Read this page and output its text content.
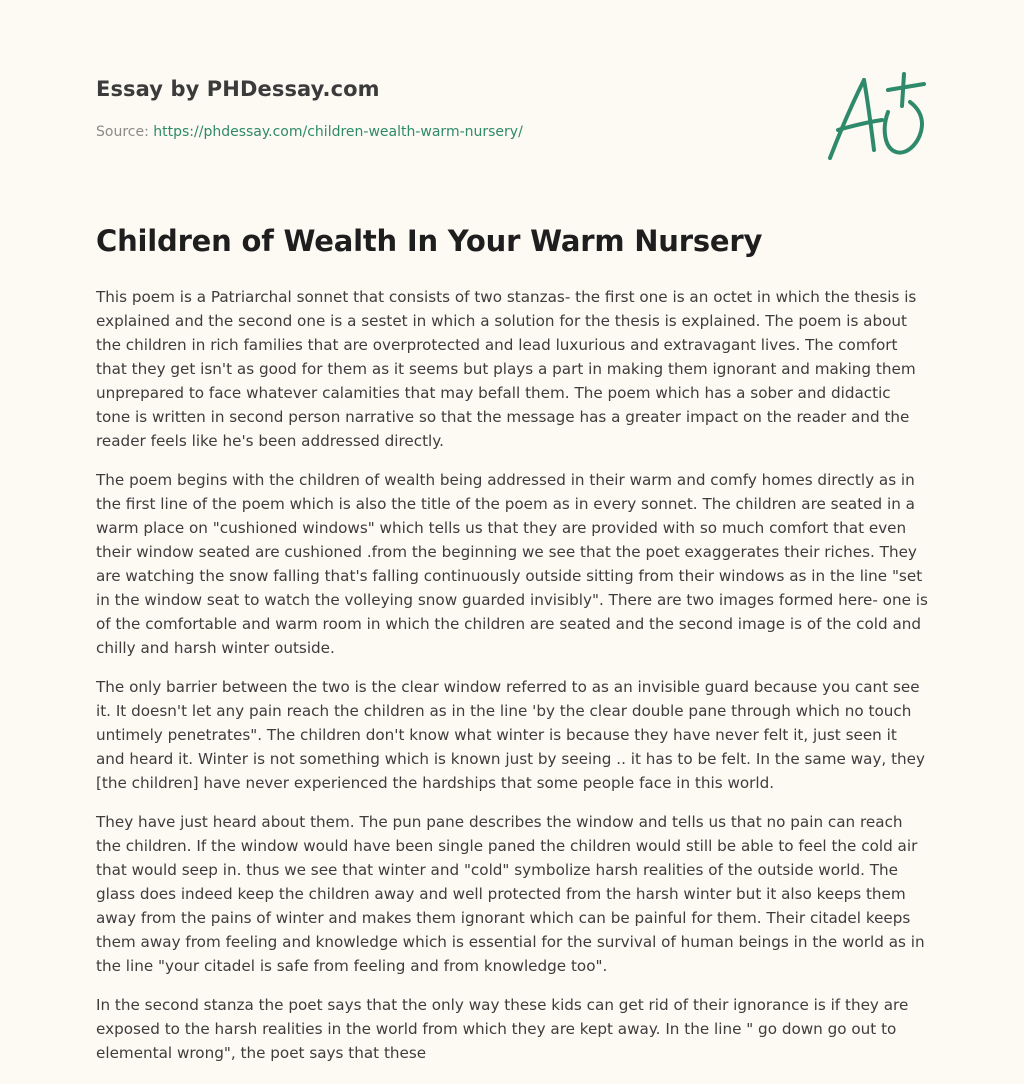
Essay by PHDessay.com
Source: https://phdessay.com/children-wealth-warm-nursery/
Children of Wealth In Your Warm Nursery

This poem is a Patriarchal sonnet that consists of two stanzas- the first one is an octet in which the thesis is explained and the second one is a sestet in which a solution for the thesis is explained. The poem is about the children in rich families that are overprotected and lead luxurious and extravagant lives. The comfort that they get isn't as good for them as it seems but plays a part in making them ignorant and making them unprepared to face whatever calamities that may befall them. The poem which has a sober and didactic tone is written in second person narrative so that the message has a greater impact on the reader and the reader feels like he's been addressed directly.

The poem begins with the children of wealth being addressed in their warm and comfy homes directly as in the first line of the poem which is also the title of the poem as in every sonnet. The children are seated in a warm place on "cushioned windows" which tells us that they are provided with so much comfort that even their window seated are cushioned .from the beginning we see that the poet exaggerates their riches. They are watching the snow falling that's falling continuously outside sitting from their windows as in the line "set in the window seat to watch the volleying snow guarded invisibly". There are two images formed here- one is of the comfortable and warm room in which the children are seated and the second image is of the cold and chilly and harsh winter outside.

The only barrier between the two is the clear window referred to as an invisible guard because you cant see it. It doesn't let any pain reach the children as in the line 'by the clear double pane through which no touch untimely penetrates". The children don't know what winter is because they have never felt it, just seen it and heard it. Winter is not something which is known just by seeing .. it has to be felt. In the same way, they [the children] have never experienced the hardships that some people face in this world.

They have just heard about them. The pun pane describes the window and tells us that no pain can reach the children. If the window would have been single paned the children would still be able to feel the cold air that would seep in. thus we see that winter and "cold" symbolize harsh realities of the outside world. The glass does indeed keep the children away and well protected from the harsh winter but it also keeps them away from the pains of winter and makes them ignorant which can be painful for them. Their citadel keeps them away from feeling and knowledge which is essential for the survival of human beings in the world as in the line "your citadel is safe from feeling and from knowledge too".

In the second stanza the poet says that the only way these kids can get rid of their ignorance is if they are exposed to the harsh realities in the world from which they are kept away. In the line " go down go out to elemental wrong", the poet says that these
